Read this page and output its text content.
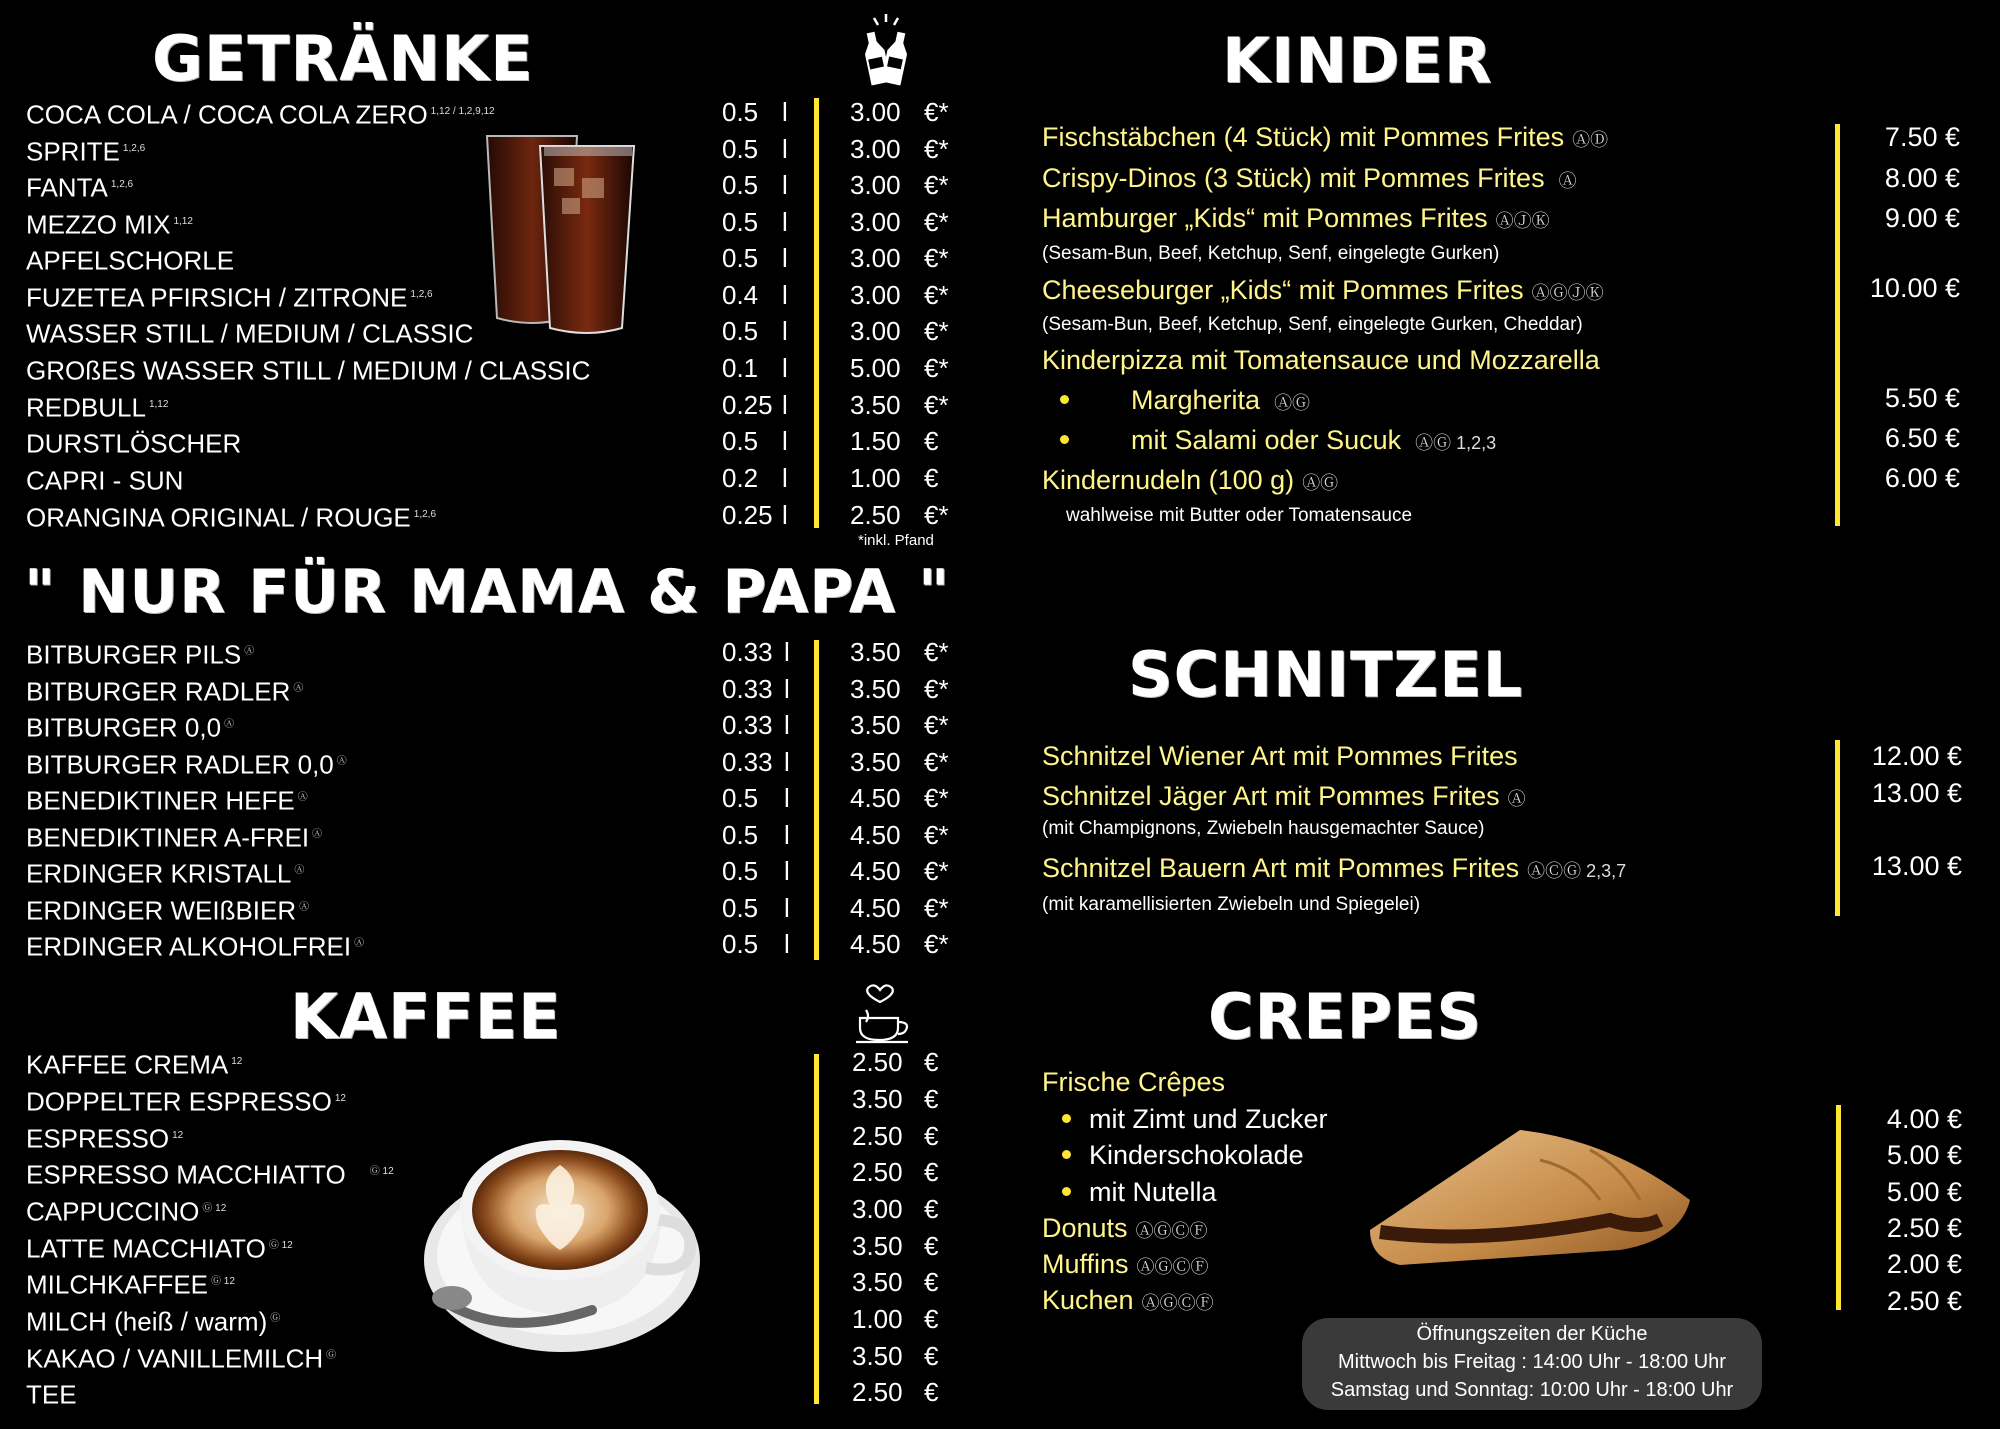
GETRÄNKE
COCA COLA / COCA COLA ZERO $^{1,12 / 1,2,9,12}$	0.5 l 3.00 €*
SPRITE $^{1,2,6}$	0.5 l 3.00 €*
FANTA $^{1,2,6}$	0.5 l 3.00 €*
MEZZO MIX $^{1,12}$	0.5 l 3.00 €*
APFELSCHORLE	0.5 l 3.00 €*
FUZETEA PFIRSICH / ZITRONE $^{1,2,6}$	0.4 l 3.00 €*
WASSER STILL / MEDIUM / CLASSIC	0.5 l 3.00 €*
GROßES WASSER STILL / MEDIUM / CLASSIC	0.1 l 5.00 €*
REDBULL $^{1,12}$	0.25 l 3.50 €*
DURSTLÖSCHER	0.5 l 1.50 €
CAPRI - SUN	0.2 l 1.00 €
ORANGINA ORIGINAL / ROUGE $^{1,2,6}$	0.25 l 2.50 €*
*inkl. Pfand
" NUR FÜR MAMA & PAPA "
BITBURGER PILS Ⓐ	0.33 l 3.50 €*
BITBURGER RADLER Ⓐ	0.33 l 3.50 €*
BITBURGER 0,0 Ⓐ	0.33 l 3.50 €*
BITBURGER RADLER 0,0 Ⓐ	0.33 l 3.50 €*
BENEDIKTINER HEFE Ⓐ	0.5 l 4.50 €*
BENEDIKTINER A-FREI Ⓐ	0.5 l 4.50 €*
ERDINGER KRISTALL Ⓐ	0.5 l 4.50 €*
ERDINGER WEIßBIER Ⓐ	0.5 l 4.50 €*
ERDINGER ALKOHOLFREI Ⓐ	0.5 l 4.50 €*
KAFFEE
KAFFEE CREMA $^{12}$	2.50 €
DOPPELTER ESPRESSO $^{12}$	3.50 €
ESPRESSO $^{12}$	2.50 €
ESPRESSO MACCHIATTO $^{Ⓖ 12}$	2.50 €
CAPPUCCINO $^{Ⓖ 12}$	3.00 €
LATTE MACCHIATO $^{Ⓖ 12}$	3.50 €
MILCHKAFFEE $^{Ⓖ 12}$	3.50 €
MILCH (heiß / warm) Ⓖ	1.00 €
KAKAO / VANILLEMILCH Ⓖ	3.50 €
TEE	2.50 €
KINDER
Fischstäbchen (4 Stück) mit Pommes Frites ⒶⒹ	7.50 €
Crispy-Dinos (3 Stück) mit Pommes Frites Ⓐ	8.00 €
Hamburger „Kids“ mit Pommes Frites ⒶⒿⓀ	9.00 €
(Sesam-Bun, Beef, Ketchup, Senf, eingelegte Gurken)
Cheeseburger „Kids“ mit Pommes Frites ⒶⒼⒿⓀ	10.00 €
(Sesam-Bun, Beef, Ketchup, Senf, eingelegte Gurken, Cheddar)
Kinderpizza mit Tomatensauce und Mozzarella
Margherita ⒶⒼ	5.50 €
mit Salami oder Sucuk ⒶⒼ 1,2,3	6.50 €
Kindernudeln (100 g) ⒶⒼ	6.00 €
wahlweise mit Butter oder Tomatensauce
SCHNITZEL
Schnitzel Wiener Art mit Pommes Frites	12.00 €
Schnitzel Jäger Art mit Pommes Frites Ⓐ	13.00 €
(mit Champignons, Zwiebeln hausgemachter Sauce)
Schnitzel Bauern Art mit Pommes Frites ⒶⒸⒼ 2,3,7	13.00 €
(mit karamellisierten Zwiebeln und Spiegelei)
CREPES
Frische Crêpes
mit Zimt und Zucker	4.00 €
Kinderschokolade	5.00 €
mit Nutella	5.00 €
Donuts ⒶⒼⒸⒻ	2.50 €
Muffins ⒶⒼⒸⒻ	2.00 €
Kuchen ⒶⒼⒸⒻ	2.50 €
Öffnungszeiten der Küche
Mittwoch bis Freitag : 14:00 Uhr - 18:00 Uhr
Samstag und Sonntag: 10:00 Uhr - 18:00 Uhr
